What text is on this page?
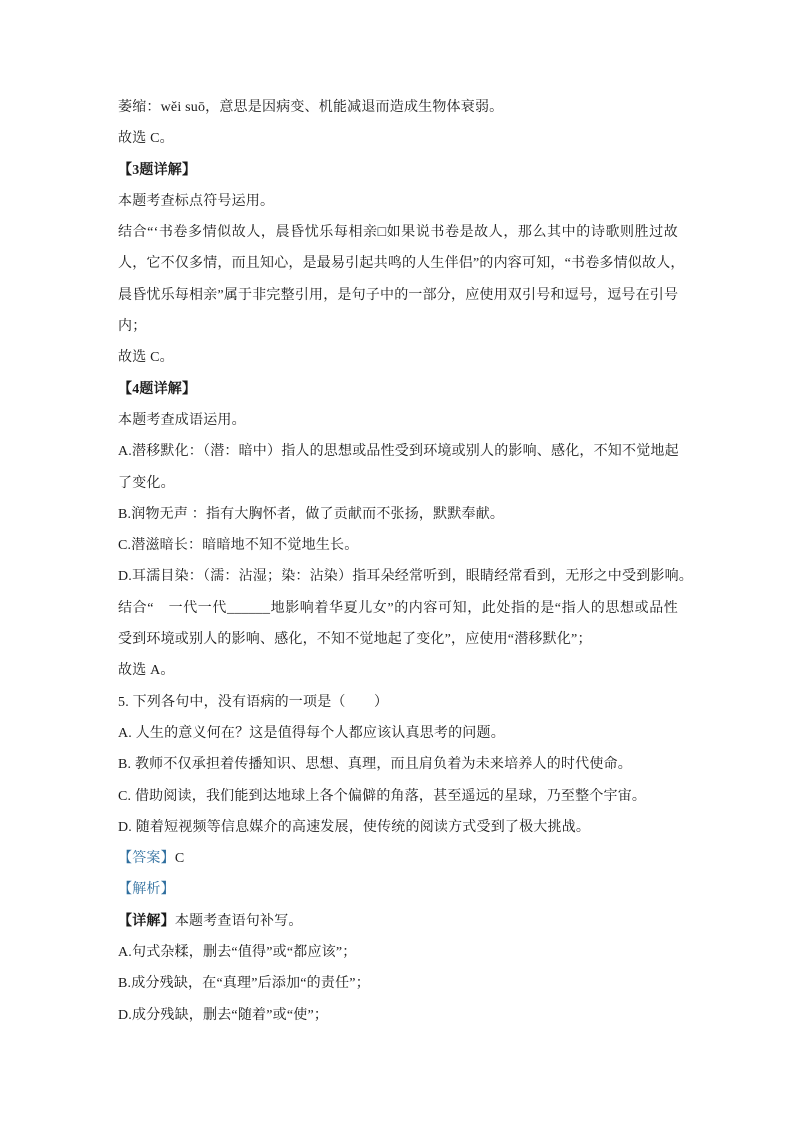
萎缩：wěi suō，意思是因病变、机能减退而造成生物体衰弱。
故选 C。
【3题详解】
本题考查标点符号运用。
结合“‘书卷多情似故人，晨昏忧乐每相亲□如果说书卷是故人，那么其中的诗歌则胜过故
人，它不仅多情，而且知心，是最易引起共鸣的人生伴侣”的内容可知，“书卷多情似故人，
晨昏忧乐每相亲”属于非完整引用，是句子中的一部分，应使用双引号和逗号，逗号在引号
内；
故选 C。
【4题详解】
本题考查成语运用。
A.潜移默化：（潜：暗中）指人的思想或品性受到环境或别人的影响、感化，不知不觉地起
了变化。
B.润物无声 ：指有大胸怀者，做了贡献而不张扬，默默奉献。
C.潜滋暗长：暗暗地不知不觉地生长。
D.耳濡目染：（濡：沾湿；染：沾染）指耳朵经常听到，眼睛经常看到，无形之中受到影响。
结合“　一代一代______地影响着华夏儿女”的内容可知，此处指的是“指人的思想或品性
受到环境或别人的影响、感化，不知不觉地起了变化”，应使用“潜移默化”；
故选 A。
5. 下列各句中，没有语病的一项是（　　）
A. 人生的意义何在？这是值得每个人都应该认真思考的问题。
B. 教师不仅承担着传播知识、思想、真理，而且肩负着为未来培养人的时代使命。
C. 借助阅读，我们能到达地球上各个偏僻的角落，甚至遥远的星球，乃至整个宇宙。
D. 随着短视频等信息媒介的高速发展，使传统的阅读方式受到了极大挑战。
【答案】C
【解析】
【详解】本题考查语句补写。
A.句式杂糅，删去“值得”或“都应该”；
B.成分残缺，在“真理”后添加“的责任”；
D.成分残缺，删去“随着”或“使”；
